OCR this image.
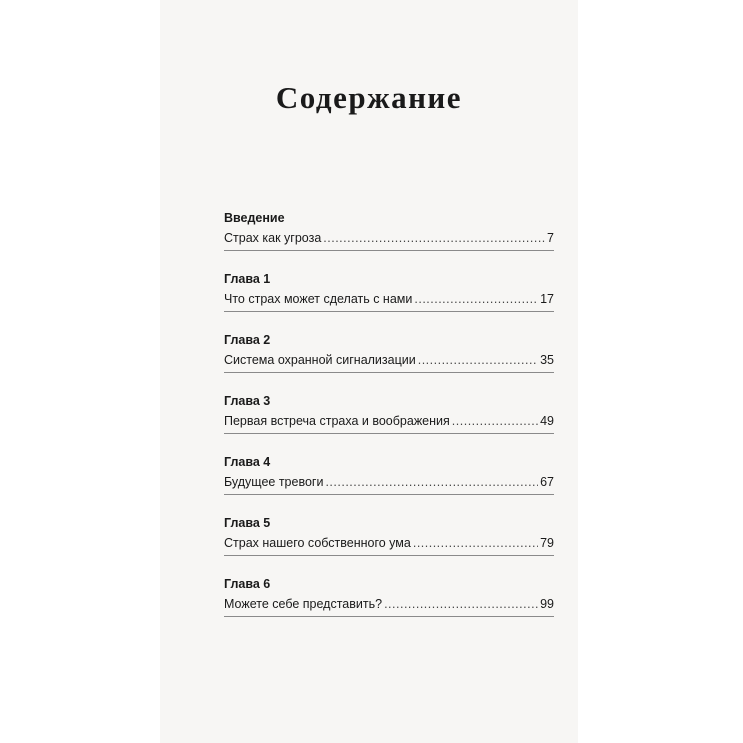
Содержание
Введение
Страх как угроза .....	7
Глава 1
Что страх может сделать с нами .....	17
Глава 2
Система охранной сигнализации .....	35
Глава 3
Первая встреча страха и воображения .....	49
Глава 4
Будущее тревоги .....	67
Глава 5
Страх нашего собственного ума .....	79
Глава 6
Можете себе представить? .....	99
